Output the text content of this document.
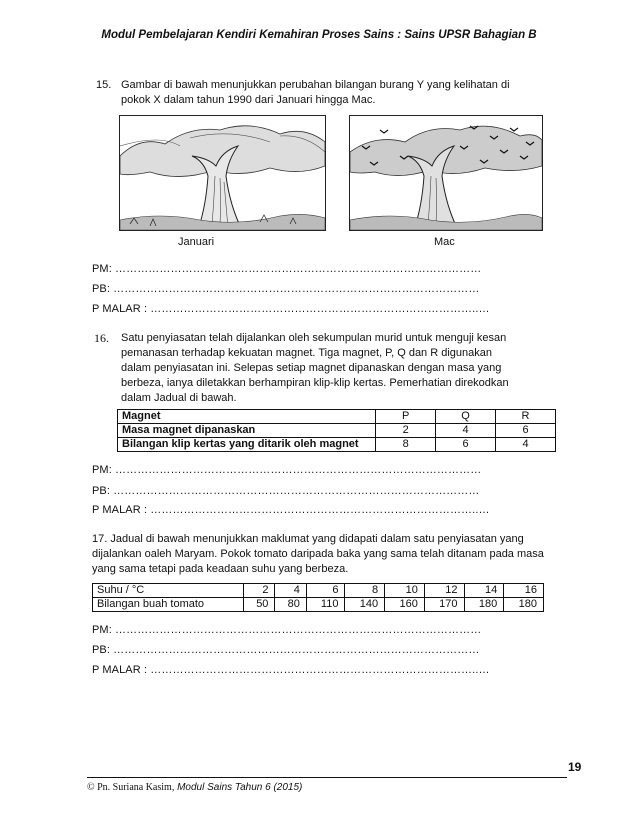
Modul Pembelajaran Kendiri Kemahiran Proses Sains : Sains UPSR Bahagian B
15. Gambar di bawah menunjukkan perubahan bilangan burang Y yang kelihatan di
pokok X dalam tahun 1990 dari Januari hingga Mac.
Januari	Mac
PM: ………………………………………………………………………………………
PB: ………………………………………………………………………………………
P MALAR : ……………………………………………………………………………..…
16. Satu penyiasatan telah dijalankan oleh sekumpulan murid untuk menguji kesan
pemanasan terhadap kekuatan magnet. Tiga magnet, P, Q dan R digunakan
dalam penyiasatan ini. Selepas setiap magnet dipanaskan dengan masa yang
berbeza, ianya diletakkan berhampiran klip-klip kertas. Pemerhatian direkodkan
dalam Jadual di bawah.
Magnet	P	Q	R
Masa magnet dipanaskan	2	4	6
Bilangan klip kertas yang ditarik oleh magnet	8	6	4
PM: ………………………………………………………………………………………
PB: ………………………………………………………………………………………
P MALAR : ……………………………………………………………………………..…
17. Jadual di bawah menunjukkan maklumat yang didapati dalam satu penyiasatan yang
dijalankan oaleh Maryam. Pokok tomato daripada baka yang sama telah ditanam pada masa
yang sama tetapi pada keadaan suhu yang berbeza.
Suhu / °C	2	4	6	8	10	12	14	16
Bilangan buah tomato	50	80	110	140	160	170	180	180
PM: ………………………………………………………………………………………
PB: ………………………………………………………………………………………
P MALAR : ……………………………………………………………………………..…
19
© Pn. Suriana Kasim, Modul Sains Tahun 6 (2015)
